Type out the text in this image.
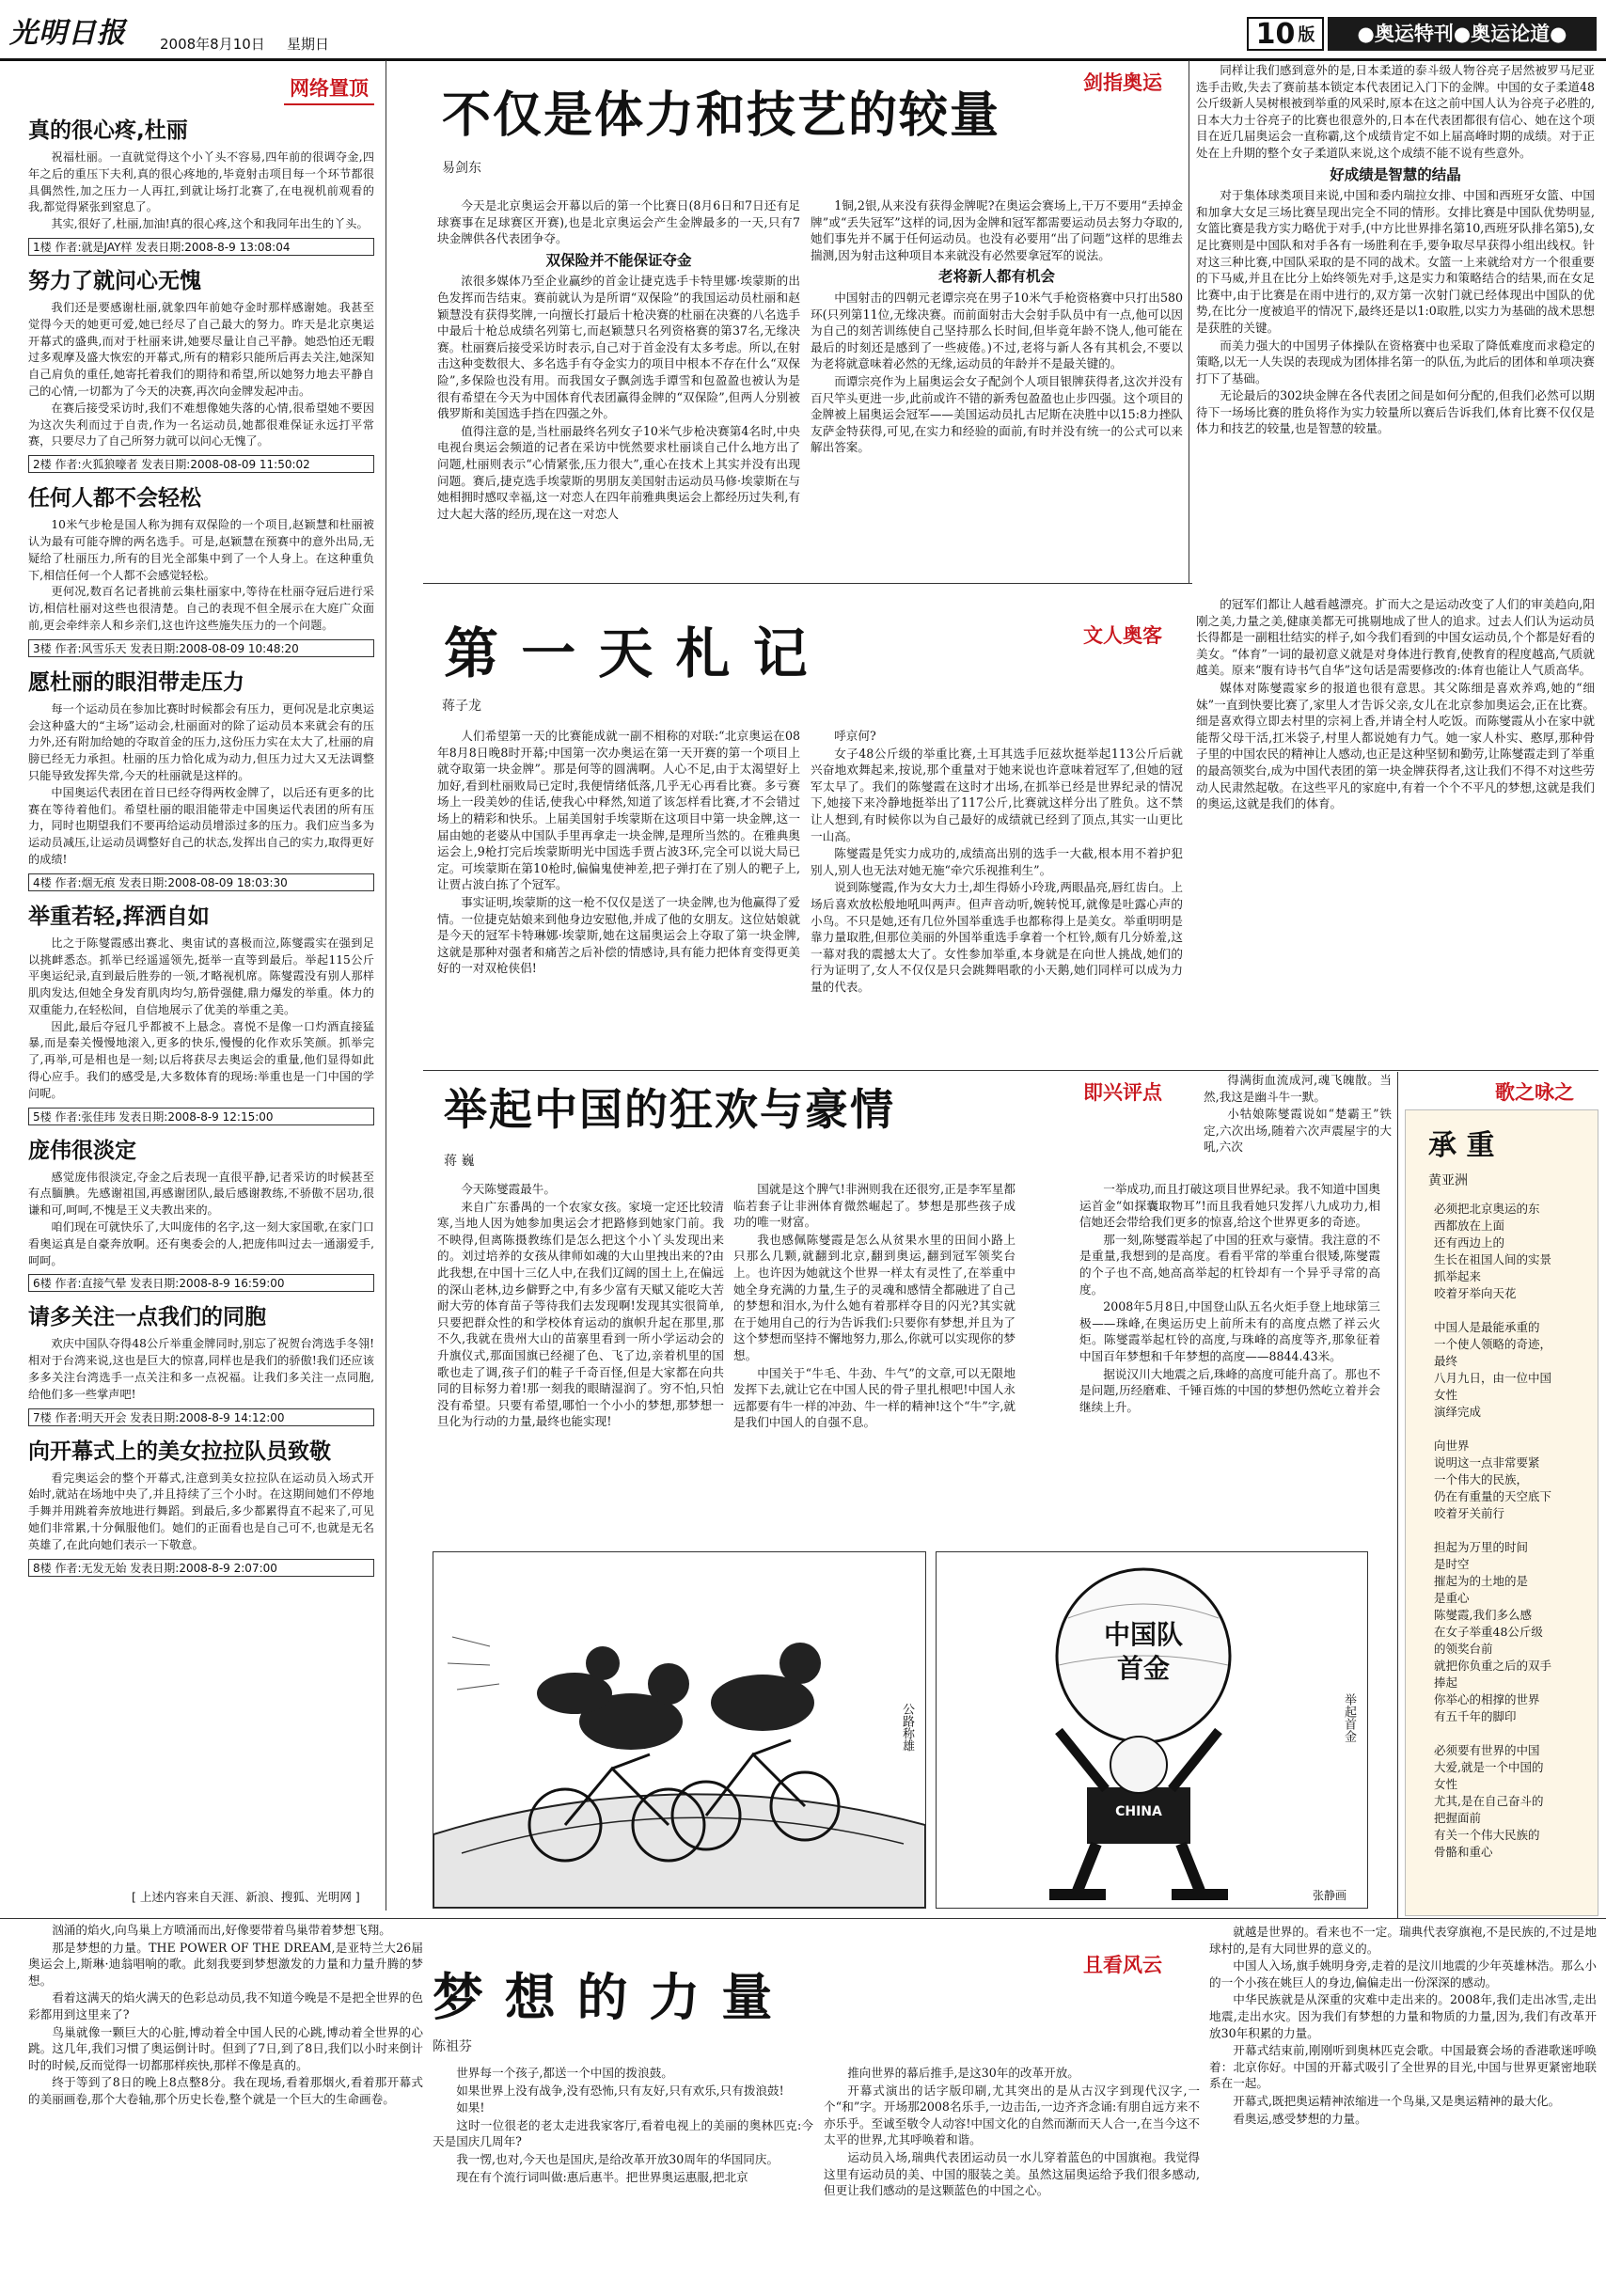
光明日报 2008年8月10日 星期日	10 版	●奥运特刊●奥运论道●
网络置顶
真的很心疼,杜丽

祝福杜丽。一直就觉得这个小丫头不容易,四年前的很调夺金,四年之后的重压下夫利,真的很心疼地的,毕竟射击项目每一个环节都很具偶然性,加之压力一人再扛,到就让场打北赛了,在电视机前观看的我,都觉得紧张到窒息了。

其实,很好了,杜丽,加油!真的很心疼,这个和我同年出生的丫头。

1楼 作者:就是JAY样 发表日期:2008-8-9 13:08:04
努力了就问心无愧

我们还是要感谢杜丽,就象四年前她夺金时那样感谢她。我甚至觉得今天的她更可爱,她已经尽了自己最大的努力。昨天是北京奥运开幕式的盛典,而对于杜丽来讲,她要尽量让自己平静。她恐怕还无暇过多观摩及盛大恢宏的开幕式,所有的精彩只能所后再去关注,她深知自己肩负的重任,她寄托着我们的期待和希望,所以她努力地去平静自己的心情,一切都为了今天的决赛,再次向金牌发起冲击。

在赛后接受采访时,我们不难想像她失落的心情,很希望她不要因为这次失利而过于自责,作为一名运动员,她都很难保证永远打平常赛，只要尽力了自己所努力就可以问心无愧了。

2楼 作者:火狐狼嚎者 发表日期:2008-08-09 11:50:02
任何人都不会轻松

10米气步枪是国人称为拥有双保险的一个项目,赵颖慧和杜丽被认为最有可能夺牌的两名选手。可是,赵颖慧在预赛中的意外出局,无疑给了杜丽压力,所有的目光全部集中到了一个人身上。在这种重负下,相信任何一个人都不会感觉轻松。

更何况,数百名记者挑前云集杜丽家中,等待在杜丽夺冠后进行采访,相信杜丽对这些也很清楚。自己的表现不但全展示在大庭广众面前,更会牵绊亲人和乡亲们,这也许这些施失压力的一个问题。

3楼 作者:风雪乐天 发表日期:2008-08-09 10:48:20
愿杜丽的眼泪带走压力

每一个运动员在参加比赛时时候都会有压力，更何况是北京奥运会这种盛大的“主场”运动会,杜丽面对的除了运动员本来就会有的压力外,还有附加给她的夺取首金的压力,这份压力实在太大了,杜丽的肩膀已经无力承担。杜丽的压力恰化成为动力,但压力过大又无法调整只能导致发挥失常,今天的杜丽就是这样的。

中国奥运代表团在首日已经夺得两枚金牌了，以后还有更多的比赛在等待着他们。希望杜丽的眼泪能带走中国奥运代表团的所有压力，同时也期望我们不要再给运动员增添过多的压力。我们应当多为运动员减压,让运动员调整好自己的状态,发挥出自己的实力,取得更好的成绩!

4楼 作者:烟无痕 发表日期:2008-08-09 18:03:30
举重若轻,挥洒自如

比之于陈燮霞感出赛北、奥宙试的喜极而泣,陈燮霞实在强到足以挑衅悉态。抓举已经遥遥领先,挺举一直等到最后。举起115公斤平奥运纪录,直到最后胜券的一领,才略视机席。陈燮霞没有别人那样肌肉发达,但她全身发育肌肉均匀,筋骨强健,鼎力爆发的举重。体力的双重能力,在轻松间，自信地展示了优美的举重之美。

因此,最后夺冠几乎都被不上悬念。喜悦不是像一口灼酒直接猛暴,而是秦关慢慢地滚入,更多的快乐,慢慢的化作欢乐笑颜。抓举完了,再举,可是相也是一刻;以后将获尽去奥运会的重量,他们显得如此得心应手。我们的感受是,大多数体育的现场:举重也是一门中国的学问呢。

5楼 作者:张佳玮 发表日期:2008-8-9 12:15:00
庞伟很淡定

感觉庞伟很淡定,夺金之后表现一直很平静,记者采访的时候甚至有点腼腆。先感谢祖国,再感谢团队,最后感谢教练,不骄傲不居功,很谦和可,呵呵,不愧是王义夫教出来的。

咱们现在可就快乐了,大叫庞伟的名字,这一刻大家国歌,在家门口看奥运真是自豪奔放啊。还有奥委会的人,把庞伟叫过去一通溺爱手,呵呵。

6楼 作者:直接气晕 发表日期:2008-8-9 16:59:00
请多关注一点我们的同胞

欢庆中国队夺得48公斤举重金牌同时,别忘了祝贺台湾选手冬翎!相对于台湾来说,这也是巨大的惊喜,同样也是我们的骄傲!我们还应该多多关注台湾选手一点关注和多一点祝福。让我们多关注一点同胞,给他们多一些掌声吧!

7楼 作者:明天开会 发表日期:2008-8-9 14:12:00
向开幕式上的美女拉拉队员致敬

看完奥运会的整个开幕式,注意到美女拉拉队在运动员入场式开始时,就站在场地中央了,并且持续了三个小时。在这期间她们不停地手舞并用跳着奔放地进行舞蹈。到最后,多少都累得直不起来了,可见她们非常累,十分佩服他们。她们的正面看也是自己可不,也就是无名英雄了,在此向她们表示一下敬意。

8楼 作者:无发无始 发表日期:2008-8-9 2:07:00
[ 上述内容来自天涯、新浪、搜狐、光明网 ]
不仅是体力和技艺的较量
剑指奥运
易剑东

今天是北京奥运会开幕以后的第一个比赛日(8月6日和7日还有足球赛事在足球赛区开赛),也是北京奥运会产生金牌最多的一天,只有7块金牌供各代表团争夺。

双保险并不能保证夺金

浓很多媒体乃至企业赢纱的首金让捷克选手卡特里娜·埃蒙斯的出色发挥而告结束。赛前就认为是所谓“双保险”的我国运动员杜丽和赵颖慧没有获得奖牌,一向擅长打最后十枪决赛的杜丽在决赛的八名选手中最后十枪总成绩名列第七,而赵颖慧只名列资格赛的第37名,无缘决赛。杜丽赛后接受采访时表示,自己对于首金没有太多考虑。所以,在射击这种变数很大、多名选手有夺金实力的项目中根本不存在什么“双保险”,多保险也没有用。而我国女子飘剑选手谭雪和包盈盈也被认为是很有希望在今天为中国体育代表团赢得金牌的“双保险”,但两人分别被俄罗斯和美国选手挡在四强之外。

值得注意的是,当杜丽最终名列女子10米气步枪决赛第4名时,中央电视台奥运会频道的记者在采访中恍然要求杜丽谈自己什么地方出了问题,杜丽则表示“心情紧张,压力很大”,重心在技术上其实并没有出现问题。赛后,捷克选手埃蒙斯的男朋友美国射击运动员马修·埃蒙斯在与她相拥时感叹幸福,这一对恋人在四年前雅典奥运会上都经历过失利,有过大起大落的经历,现在这一对恋人

1铜,2银,从来没有获得金牌呢?在奥运会赛场上,干万不要用“丢掉金牌”或“丢失冠军”这样的词,因为金牌和冠军都需要运动员去努力夺取的,她们事先并不属于任何运动员。也没有必要用“出了问题”这样的思维去揣测,因为射击这种项目本来就没有必然要拿冠军的说法。

老将新人都有机会

中国射击的四朝元老谭宗亮在男子10米气手枪资格赛中只打出580环(只列第11位,无缘决赛。而前面射击大会射手队员中有一点,他可以因为自己的刻苦训练使自己坚持那么长时间,但毕竟年龄不饶人,他可能在最后的时刻还是感到了一些疲倦。)不过,老将与新人各有其机会,不要以为老将就意味着必然的无缘,运动员的年龄并不是最关键的。

而谭宗亮作为上届奥运会女子配剑个人项目银牌获得者,这次并没有百尺竿头更进一步,此前或许不错的新秀包盈盈也止步四强。这个项目的金牌被上届奥运会冠军——美国运动员扎古尼斯在决胜中以15:8力挫队友萨金特获得,可见,在实力和经验的面前,有时并没有统一的公式可以来解出答案。

同样让我们感到意外的是,日本柔道的泰斗级人物谷亮子居然被罗马尼亚选手击败,失去了赛前基本锁定本代表团记入门下的金牌。中国的女子柔道48公斤级新人吴树根被到举重的风采时,原本在这之前中国人认为谷亮子必胜的,日本大力士谷亮子的比赛也很意外的,日本在代表团都很有信心、她在这个项目在近几届奥运会一直称霸,这个成绩肯定不如上届高峰时期的成绩。对于正处在上升期的整个女子柔道队来说,这个成绩不能不说有些意外。

好成绩是智慧的结晶

对于集体球类项目来说,中国和委内瑞拉女排、中国和西班牙女篮、中国和加拿大女足三场比赛呈现出完全不同的情形。女排比赛是中国队优势明显,女篮比赛是我方实力略优于对手,(中方比世界排名第10,西班牙队排名第5),女足比赛则是中国队和对手各有一场胜利在手,要争取尽早获得小组出线权。针对这三种比赛,中国队采取的是不同的战术。女篮一上来就给对方一个很重要的下马威,并且在比分上始终领先对手,这是实力和策略结合的结果,而在女足比赛中,由于比赛是在雨中进行的,双方第一次射门就已经体现出中国队的优势,在比分一度被追平的情况下,最终还是以1:0取胜,以实力为基础的战术思想是获胜的关键。

而美力强大的中国男子体操队在资格赛中也采取了降低难度而求稳定的策略,以无一人失误的表现成为团体排名第一的队伍,为此后的团体和单项决赛打下了基础。

无论最后的302块金牌在各代表团之间是如何分配的,但我们必然可以期待下一场场比赛的胜负将作为实力较量所以赛后告诉我们,体育比赛不仅仅是体力和技艺的较量,也是智慧的较量。

第 一 天 札 记	文人奥客
蒋子龙

人们希望第一天的比赛能成就一副不相称的对联:“北京奥运在08年8月8日晚8时开幕;中国第一次办奥运在第一天开赛的第一个项目上就夺取第一块金牌”。那是何等的圆满啊。人心不足,由于太渴望好上加好,看到杜丽败局已定时,我便情绪低落,几乎无心再看比赛。多亏赛场上一段美妙的佳话,使我心中释然,知道了该怎样看比赛,才不会错过场上的精彩和快乐。上届美国射手埃蒙斯在这项目中第一块金牌,这一届由她的老婆从中国队手里再拿走一块金牌,是理所当然的。在雅典奥运会上,9枪打完后埃蒙斯明光中国选手贾占波3环,完全可以说大局已定。可埃蒙斯在第10枪时,偏偏鬼使神差,把子弹打在了别人的靶子上,让贾占波白拣了个冠军。

事实证明,埃蒙斯的这一枪不仅仅是送了一块金牌,也为他赢得了爱情。一位捷克姑娘来到他身边安慰他,并成了他的女朋友。这位姑娘就是今天的冠军卡特琳娜·埃蒙斯,她在这届奥运会上夺取了第一块金牌,这就是那种对强者和痛苦之后补偿的情感诗,具有能力把体育变得更美好的一对双枪侠侣!

呼京何?

女子48公斤级的举重比赛,土耳其选手厄兹坎挺举起113公斤后就兴奋地欢舞起来,按说,那个重量对于她来说也许意味着冠军了,但她的冠军太早了。我们的陈燮霞在这时才出场,在抓举已经是世界纪录的情况下,她接下来冷静地挺举出了117公斤,比赛就这样分出了胜负。这不禁让人想到,有时候你以为自己最好的成绩就已经到了顶点,其实一山更比一山高。

陈燮霞是凭实力成功的,成绩高出别的选手一大截,根本用不着护犯别人,别人也无法对她无施“牵穴乐视推利生”。

说到陈燮霞,作为女大力士,却生得娇小玲珑,两眼晶亮,唇红齿白。上场后喜欢放松般地吼叫两声。但声音动听,婉转悦耳,就像是吐露心声的小鸟。不只是她,还有几位外国举重选手也都称得上是美女。举重明明是靠力量取胜,但那位美丽的外国举重选手拿着一个杠铃,颇有几分娇羞,这一幕对我的震撼太大了。女性参加举重,本身就是在向世人挑战,她们的行为证明了,女人不仅仅是只会跳舞唱歌的小天鹅,她们同样可以成为力量的代表。

的冠军们都让人越看越漂亮。扩而大之是运动改变了人们的审美趋向,阳刚之美,力量之美,健康美都无可挑剔地成了世人的追求。过去人们认为运动员长得都是一副粗壮结实的样子,如今我们看到的中国女运动员,个个都是好看的美女。“体育”一词的最初意义就是对身体进行教育,使教育的程度越高,气质就越美。原来“腹有诗书气自华”这句话是需要修改的:体育也能让人气质高华。

媒体对陈燮霞家乡的报道也很有意思。其父陈细是喜欢养鸡,她的“细妹”一直到快要比赛了,家里人才告诉父亲,女儿在北京参加奥运会,正在比赛。细是喜欢得立即去村里的宗祠上香,并请全村人吃饭。而陈燮霞从小在家中就能帮父母干活,扛米袋子,村里人都说她有力气。她一家人朴实、憨厚,那种骨子里的中国农民的精神让人感动,也正是这种坚韧和勤劳,让陈燮霞走到了举重的最高领奖台,成为中国代表团的第一块金牌获得者,这让我们不得不对这些劳动人民肃然起敬。在这些平凡的家庭中,有着一个个不平凡的梦想,这就是我们的奥运,这就是我们的体育。

举起中国的狂欢与豪情	即兴评点
蒋 巍

今天陈燮霞最牛。

来自广东番禺的一个农家女孩。家境一定还比较清寒,当地人因为她参加奥运会才把路修到她家门前。我不映得,但离陈摄教练们是怎么把这个小丫头发现出来的。刘过培养的女孩从律师如魂的大山里拽出来的?由此我想,在中国十三亿人中,在我们辽阔的国土上,在偏远的深山老林,边乡僻野之中,有多少富有天赋又能吃大苦耐大劳的体育苗子等待我们去发现啊!发现其实很简单,只要把群众性的和学校体育运动的旗帜升起在那里,那不久,我就在贵州大山的苗寨里看到一所小学运动会的升旗仪式,那面国旗已经褪了色、飞了边,亲着机里的国歌也走了调,孩子们的鞋子千奇百怪,但是大家都在向共同的目标努力着!那一刻我的眼睛湿润了。穷不怕,只怕没有希望。只要有希望,哪怕一个小小的梦想,那梦想一旦化为行动的力量,最终也能实现!

国就是这个脾气!非洲则我在还很穷,正是李军星都临若套子让非洲体育微然崛起了。梦想是那些孩子成功的唯一财富。

我也感佩陈燮霞是怎么从贫果水里的田间小路上只那么几颗,就翻到北京,翻到奥运,翻到冠军领奖台上。也许因为她就这个世界一样太有灵性了,在举重中她全身充满的力量,生子的灵魂和感情全都融进了自己的梦想和泪水,为什么她有着那样夺目的闪光?其实就在于她用自己的行为告诉我们:只要你有梦想,并且为了这个梦想而坚持不懈地努力,那么,你就可以实现你的梦想。

中国关于“牛毛、牛劲、牛气”的文章,可以无限地发挥下去,就让它在中国人民的骨子里扎根吧!中国人永远都要有牛一样的冲劲、牛一样的精神!这个“牛”字,就是我们中国人的自强不息。

一举成功,而且打破这项目世界纪录。我不知道中国奥运首金“如探囊取物耳”!而且我看她只发挥八九成功力,相信她还会带给我们更多的惊喜,给这个世界更多的奇迹。

那一刻,陈燮霞举起了中国的狂欢与豪情。我注意的不是重量,我想到的是高度。看看平常的举重台很矮,陈燮霞的个子也不高,她高高举起的杠铃却有一个异乎寻常的高度。

2008年5月8日,中国登山队五名火炬手登上地球第三极——珠峰,在奥运历史上前所未有的高度点燃了祥云火炬。陈燮霞举起杠铃的高度,与珠峰的高度等齐,那象征着中国百年梦想和千年梦想的高度——8844.43米。

据说汉川大地震之后,珠峰的高度可能升高了。那也不是问题,历经磨难、千锤百炼的中国的梦想仍然屹立着并会继续上升。

得满街血流成河,魂飞魄散。当然,我这是幽斗牛一默。

小牯娘陈燮霞说如“楚霸王”铁定,六次出场,随着六次声震屋宇的大吼,六次

公路称雄
中国队首金
CHINA
举起首金
张静画
歌之咏之
承 重
黄亚洲
必须把北京奥运的东
西都放在上面
还有西边上的
生长在祖国人间的实景
抓举起来
咬着牙举向天花

中国人是最能承重的
一个使人领略的奇迹，
最终
八月九日，由一位中国
女性
演绎完成

向世界
说明这一点非常要紧
一个伟大的民族，
仍在有重量的天空底下
咬着牙关前行

担起为万里的时间
是时空
摧起为的土地的是
是重心
陈燮霞,我们多么感
在女子举重48公斤级
的领奖台前
就把你负重之后的双手
捧起
你举心的相撑的世界
有五千年的脚印

必须要有世界的中国
大爱,就是一个中国的
女性
尤其,是在自己奋斗的
把握面前
有关一个伟大民族的
骨骼和重心

汹涌的焰火,向鸟巢上方喷涌而出,好像要带着鸟巢带着梦想飞翔。

那是梦想的力量。THE POWER OF THE DREAM,是亚特兰大26届奥运会上,斯琳·迪翁唱响的歌。此刻我要到梦想激发的力量和力量升腾的梦想。

看着这满天的焰火满天的色彩总动员,我不知道今晚是不是把全世界的色彩都用到这里来了?

鸟巢就像一颗巨大的心脏,博动着全中国人民的心跳,博动着全世界的心跳。这几年,我们习惯了奥运倒计时。但到了7日,到了8日,我们以小时来倒计时的时候,反而觉得一切都那样疾快,那样不像是真的。

终于等到了8日的晚上8点整8分。我在现场,看着那烟火,看着那开幕式的美丽画卷,那个大卷轴,那个历史长卷,整个就是一个巨大的生命画卷。

梦 想 的 力 量
且看风云
陈祖芬

世界每一个孩子,都送一个中国的拨浪鼓。

如果世界上没有战争,没有恐怖,只有友好,只有欢乐,只有拨浪鼓!

如果!

这时一位很老的老太走进我家客厅,看着电视上的美丽的奥林匹克:今天是国庆几周年?

我一愣,也对,今天也是国庆,是给改革开放30周年的华国同庆。

现在有个流行词叫做:惠后惠半。把世界奥运惠服,把北京

推向世界的幕后推手,是这30年的改革开放。

开幕式演出的话字版印刷,尤其突出的是从古汉字到现代汉字,一个“和”字。开场那2008名乐手,一边击缶,一边齐齐念诵:有朋自远方来不亦乐乎。至诚至敬令人动容!中国文化的自然而渐而天人合一,在当今这不太平的世界,尤其呼唤着和谐。

运动员入场,瑞典代表团运动员一水儿穿着蓝色的中国旗袍。我觉得这里有运动员的美、中国的服装之美。虽然这届奥运给予我们很多感动,但更让我们感动的是这颗蓝色的中国之心。

就越是世界的。看来也不一定。瑞典代表穿旗袍,不是民族的,不过是地球村的,是有大同世界的意义的。

中国人入场,旗手姚明身旁,走着的是汶川地震的少年英雄林浩。那么小的一个小孩在姚巨人的身边,偏偏走出一份深深的感动。

中华民族就是从深重的灾难中走出来的。2008年,我们走出冰雪,走出地震,走出水灾。因为我们有梦想的力量和物质的力量,因为,我们有改革开放30年积累的力量。

开幕式结束前,刚刚听到奥林匹克会歌。中国最赛会场的香港歌迷呼唤着：北京你好。中国的开幕式吸引了全世界的目光,中国与世界更紧密地联系在一起。

开幕式,既把奥运精神浓缩进一个鸟巢,又是奥运精神的最大化。

看奥运,感受梦想的力量。
